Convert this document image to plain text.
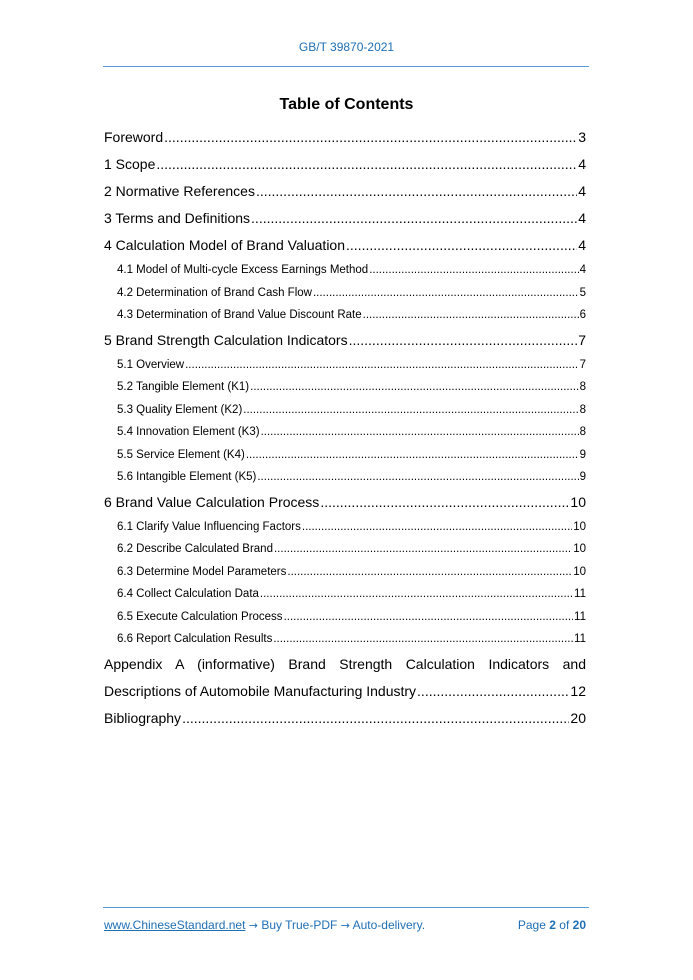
GB/T 39870-2021
Table of Contents
Foreword .....	3
1 Scope .....	4
2 Normative References .....	4
3 Terms and Definitions .....	4
4 Calculation Model of Brand Valuation .....	4
4.1 Model of Multi-cycle Excess Earnings Method .....	4
4.2 Determination of Brand Cash Flow .....	5
4.3 Determination of Brand Value Discount Rate .....	6
5 Brand Strength Calculation Indicators .....	7
5.1 Overview .....	7
5.2 Tangible Element (K1) .....	8
5.3 Quality Element (K2) .....	8
5.4 Innovation Element (K3) .....	8
5.5 Service Element (K4) .....	9
5.6 Intangible Element (K5) .....	9
6 Brand Value Calculation Process .....	10
6.1 Clarify Value Influencing Factors .....	10
6.2 Describe Calculated Brand .....	10
6.3 Determine Model Parameters .....	10
6.4 Collect Calculation Data .....	11
6.5 Execute Calculation Process .....	11
6.6 Report Calculation Results .....	11
Appendix A (informative) Brand Strength Calculation Indicators and
Descriptions of Automobile Manufacturing Industry .....	12
Bibliography .....	20
www.ChineseStandard.net → Buy True-PDF → Auto-delivery.	Page 2 of 20
